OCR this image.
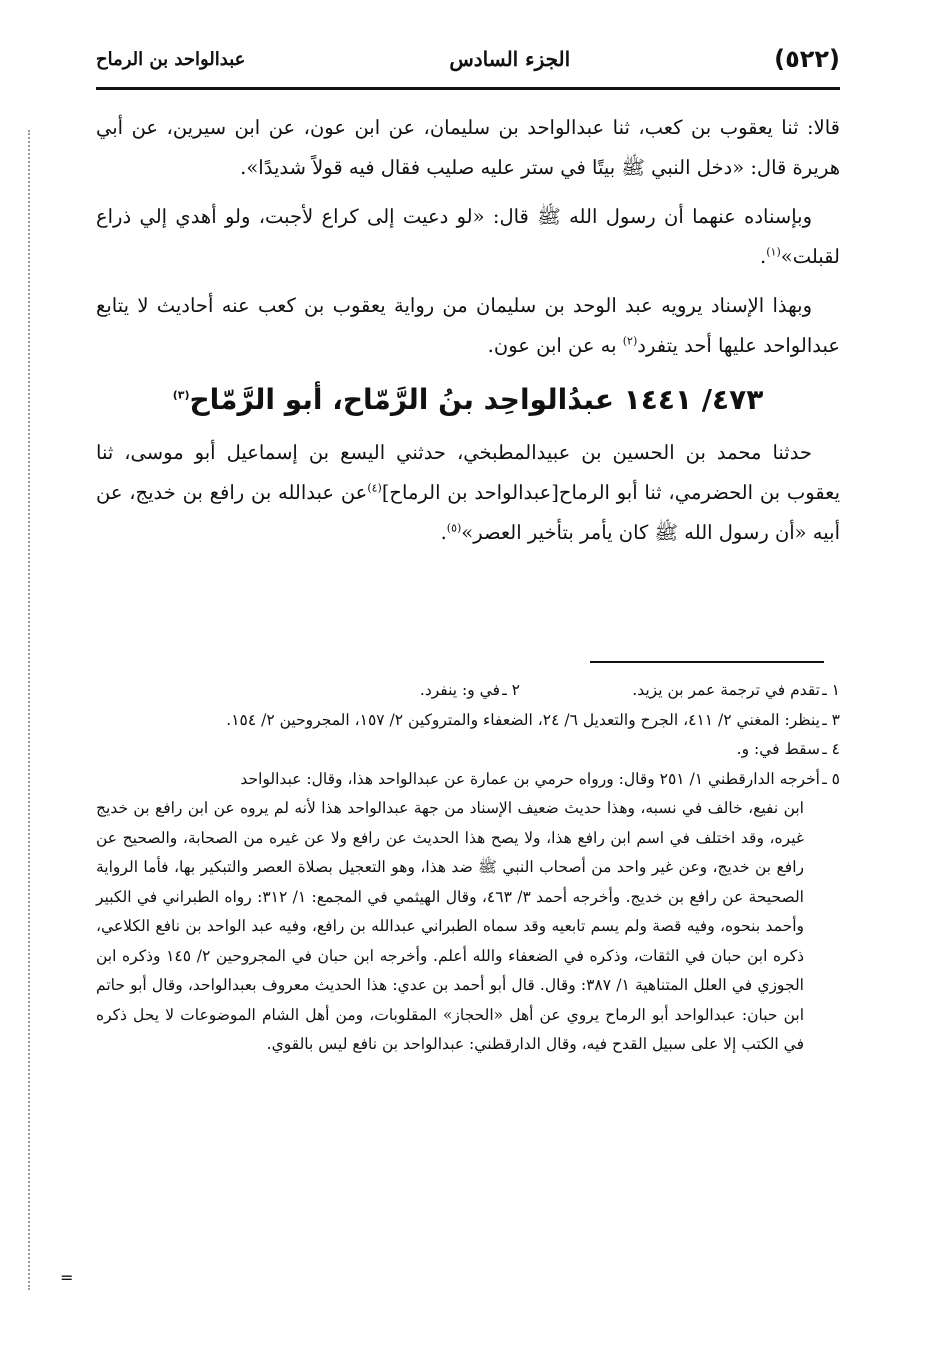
(٥٢٢)
الجزء السادس
عبدالواحد بن الرماح

قالا: ثنا يعقوب بن كعب، ثنا عبدالواحد بن سليمان، عن ابن عون، عن ابن سيرين، عن أبي هريرة قال: «دخل النبي ﷺ بيتًا في ستر عليه صليب فقال فيه قولاً شديدًا».

وبإسناده عنهما أن رسول الله ﷺ قال: «لو دعيت إلى كراع لأجبت، ولو أهدي إلي ذراع لقبلت»$^{(١)}$.

وبهذا الإسناد يرويه عبد الوحد بن سليمان من رواية يعقوب بن كعب عنه أحاديث لا يتابع عبدالواحد عليها أحد يتفرد$^{(٢)}$ به عن ابن عون.

٤٧٣/ ١٤٤١ عبدُالواحِد بنُ الرَّمّاح، أبو الرَّمّاح$^{(٣)}$

حدثنا محمد بن الحسين بن عبيدالمطبخي، حدثني اليسع بن إسماعيل أبو موسى، ثنا يعقوب بن الحضرمي، ثنا أبو الرماح[عبدالواحد بن الرماح]$^{(٤)}$عن عبدالله بن رافع بن خديج، عن أبيه «أن رسول الله ﷺ كان يأمر بتأخير العصر»$^{(٥)}$.

١ ـ
تقدم في ترجمة عمر بن يزيد.
٢ ـ
في و: ينفرد.
٣ ـ
ينظر: المغني ٢/ ٤١١، الجرح والتعديل ٦/ ٢٤، الضعفاء والمتروكين ٢/ ١٥٧، المجروحين ٢/ ١٥٤.
٤ ـ
سقط في: و.
٥ ـ
أخرجه الدارقطني ١/ ٢٥١ وقال: ورواه حرمي بن عمارة عن عبدالواحد هذا، وقال: عبدالواحد
ابن نفيع، خالف في نسبه، وهذا حديث ضعيف الإسناد من جهة عبدالواحد هذا لأنه لم يروه عن ابن رافع بن خديج غيره، وقد اختلف في اسم ابن رافع هذا، ولا يصح هذا الحديث عن رافع ولا عن غيره من الصحابة، والصحيح عن رافع بن خديج، وعن غير واحد من أصحاب النبي ﷺ ضد هذا، وهو التعجيل بصلاة العصر والتبكير بها، فأما الرواية الصحيحة عن رافع بن خديج. وأخرجه أحمد ٣/ ٤٦٣، وقال الهيثمي في المجمع: ١/ ٣١٢: رواه الطبراني في الكبير وأحمد بنحوه، وفيه قصة ولم يسم تابعيه وقد سماه الطبراني عبدالله بن رافع، وفيه عبد الواحد بن نافع الكلاعي، ذكره ابن حبان في الثقات، وذكره في الضعفاء والله أعلم. وأخرجه ابن حبان في المجروحين ٢/ ١٤٥ وذكره ابن الجوزي في العلل المتناهية ١/ ٣٨٧: وقال. قال أبو أحمد بن عدي: هذا الحديث معروف بعبدالواحد، وقال أبو حاتم ابن حبان: عبدالواحد أبو الرماح يروي عن أهل «الحجاز» المقلوبات، ومن أهل الشام الموضوعات لا يحل ذكره في الكتب إلا على سبيل القدح فيه، وقال الدارقطني: عبدالواحد بن نافع ليس بالقوي.
=
